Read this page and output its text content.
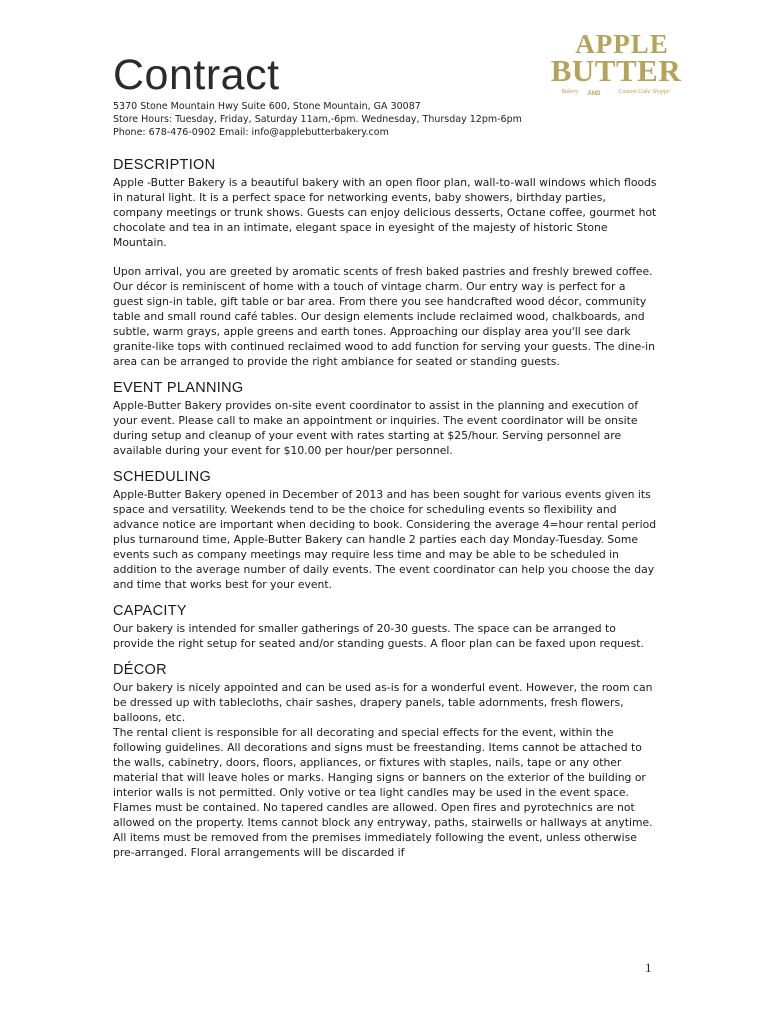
Contract
5370 Stone Mountain Hwy Suite 600, Stone Mountain, GA 30087
Store Hours: Tuesday, Friday, Saturday 11am,-6pm. Wednesday, Thursday 12pm-6pm
Phone: 678-476-0902 Email: info@applebutterbakery.com
APPLE
BUTTER
Bakery AND	Custom Cake Shoppe
DESCRIPTION

Apple -Butter Bakery is a beautiful bakery with an open floor plan, wall-to-wall windows which floods in natural light. It is a perfect space for networking events, baby showers, birthday parties, company meetings or trunk shows. Guests can enjoy delicious desserts, Octane coffee, gourmet hot chocolate and tea in an intimate, elegant space in eyesight of the majesty of historic Stone Mountain.

Upon arrival, you are greeted by aromatic scents of fresh baked pastries and freshly brewed coffee. Our décor is reminiscent of home with a touch of vintage charm. Our entry way is perfect for a guest sign-in table, gift table or bar area. From there you see handcrafted wood décor, community table and small round café tables. Our design elements include reclaimed wood, chalkboards, and subtle, warm grays, apple greens and earth tones. Approaching our display area you'll see dark granite-like tops with continued reclaimed wood to add function for serving your guests. The dine-in area can be arranged to provide the right ambiance for seated or standing guests.

EVENT PLANNING

Apple-Butter Bakery provides on-site event coordinator to assist in the planning and execution of your event. Please call to make an appointment or inquiries. The event coordinator will be onsite during setup and cleanup of your event with rates starting at $25/hour. Serving personnel are available during your event for $10.00 per hour/per personnel.

SCHEDULING

Apple-Butter Bakery opened in December of 2013 and has been sought for various events given its space and versatility. Weekends tend to be the choice for scheduling events so flexibility and advance notice are important when deciding to book. Considering the average 4=hour rental period plus turnaround time, Apple-Butter Bakery can handle 2 parties each day Monday-Tuesday. Some events such as company meetings may require less time and may be able to be scheduled in addition to the average number of daily events. The event coordinator can help you choose the day and time that works best for your event.

CAPACITY

Our bakery is intended for smaller gatherings of 20-30 guests. The space can be arranged to provide the right setup for seated and/or standing guests. A floor plan can be faxed upon request.

DÉCOR

Our bakery is nicely appointed and can be used as-is for a wonderful event. However, the room can be dressed up with tablecloths, chair sashes, drapery panels, table adornments, fresh flowers, balloons, etc.

The rental client is responsible for all decorating and special effects for the event, within the following guidelines. All decorations and signs must be freestanding. Items cannot be attached to the walls, cabinetry, doors, floors, appliances, or fixtures with staples, nails, tape or any other material that will leave holes or marks. Hanging signs or banners on the exterior of the building or interior walls is not permitted. Only votive or tea light candles may be used in the event space. Flames must be contained. No tapered candles are allowed. Open fires and pyrotechnics are not allowed on the property. Items cannot block any entryway, paths, stairwells or hallways at anytime. All items must be removed from the premises immediately following the event, unless otherwise pre-arranged. Floral arrangements will be discarded if

1
